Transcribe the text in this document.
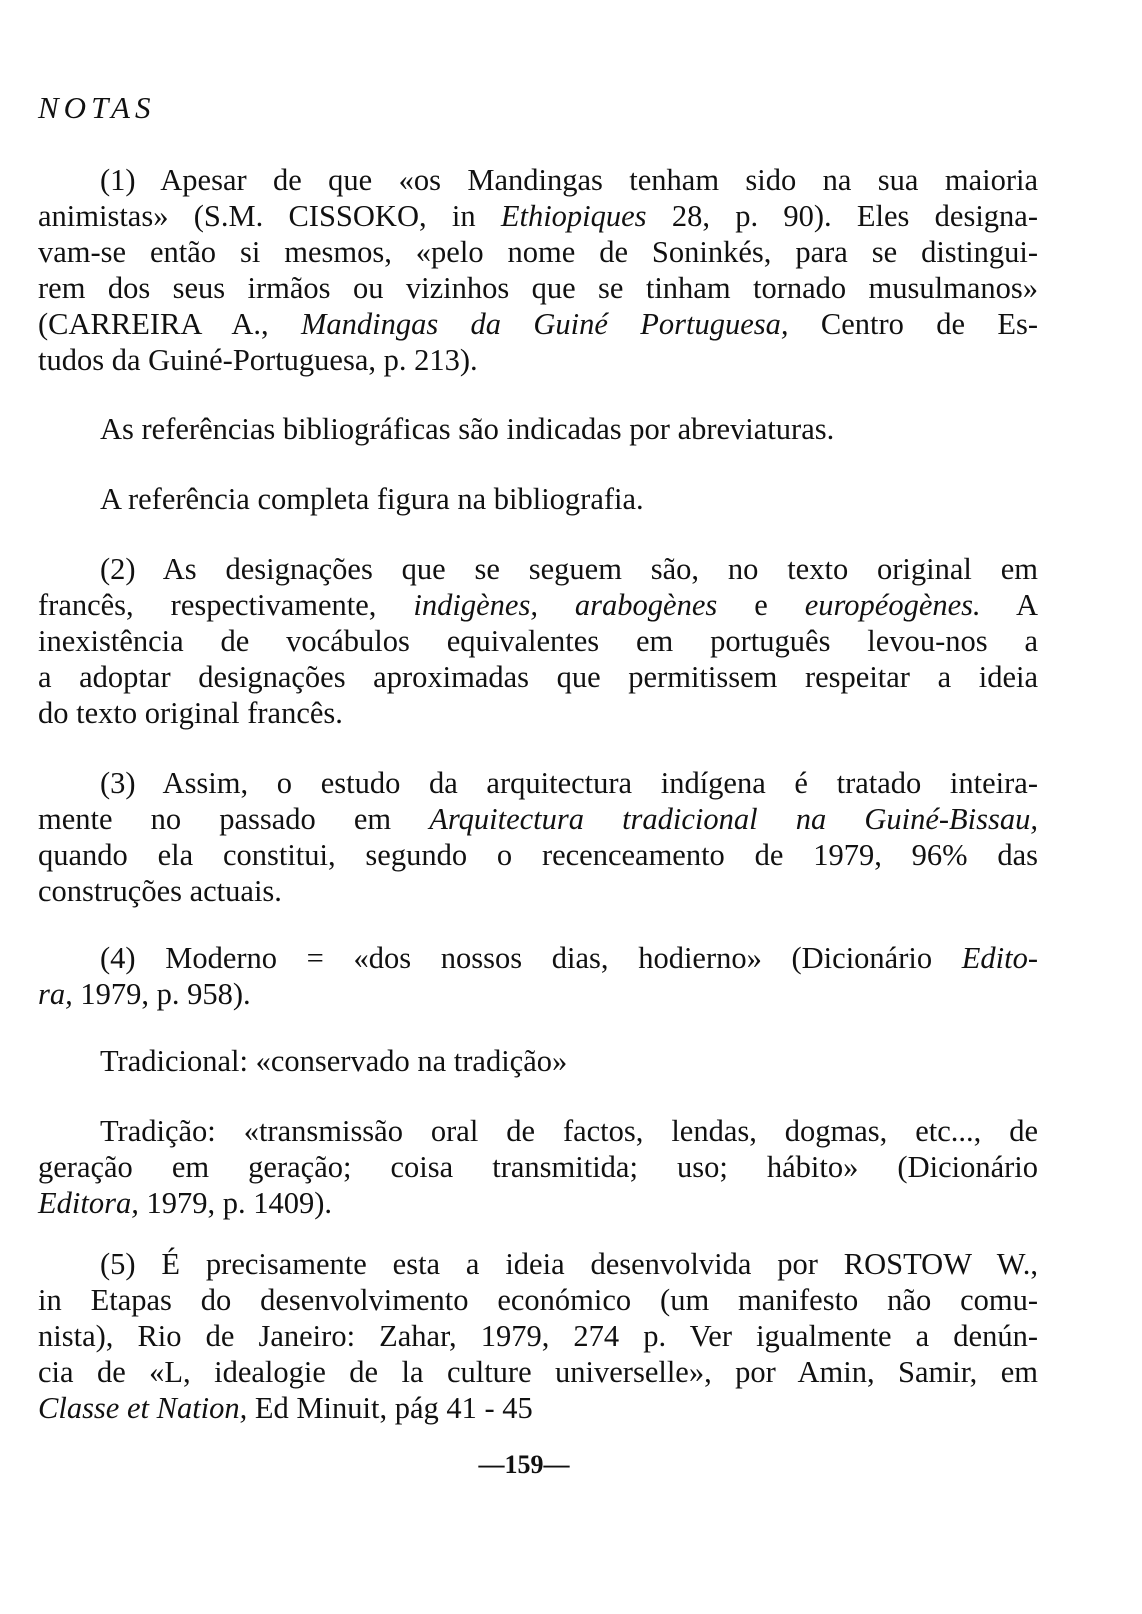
NOTAS
(1) Apesar de que «os Mandingas tenham sido na sua maioria
animistas» (S.M. CISSOKO, in Ethiopiques 28, p. 90). Eles designa-
vam-se então si mesmos, «pelo nome de Soninkés, para se distingui-
rem dos seus irmãos ou vizinhos que se tinham tornado musulmanos»
(CARREIRA A., Mandingas da Guiné Portuguesa, Centro de Es-
tudos da Guiné-Portuguesa, p. 213).
As referências bibliográficas são indicadas por abreviaturas.
A referência completa figura na bibliografia.
(2) As designações que se seguem são, no texto original em
francês, respectivamente, indigènes, arabogènes e européogènes. A
inexistência de vocábulos equivalentes em português levou-nos a
a adoptar designações aproximadas que permitissem respeitar a ideia
do texto original francês.
(3) Assim, o estudo da arquitectura indígena é tratado inteira-
mente no passado em Arquitectura tradicional na Guiné-Bissau,
quando ela constitui, segundo o recenceamento de 1979, 96% das
construções actuais.
(4) Moderno = «dos nossos dias, hodierno» (Dicionário Edito-
ra, 1979, p. 958).
Tradicional: «conservado na tradição»
Tradição: «transmissão oral de factos, lendas, dogmas, etc..., de
geração em geração; coisa transmitida; uso; hábito» (Dicionário
Editora, 1979, p. 1409).
(5) É precisamente esta a ideia desenvolvida por ROSTOW W.,
in Etapas do desenvolvimento económico (um manifesto não comu-
nista), Rio de Janeiro: Zahar, 1979, 274 p. Ver igualmente a denún-
cia de «L, idealogie de la culture universelle», por Amin, Samir, em
Classe et Nation, Ed Minuit, pág 41 - 45
—159—
